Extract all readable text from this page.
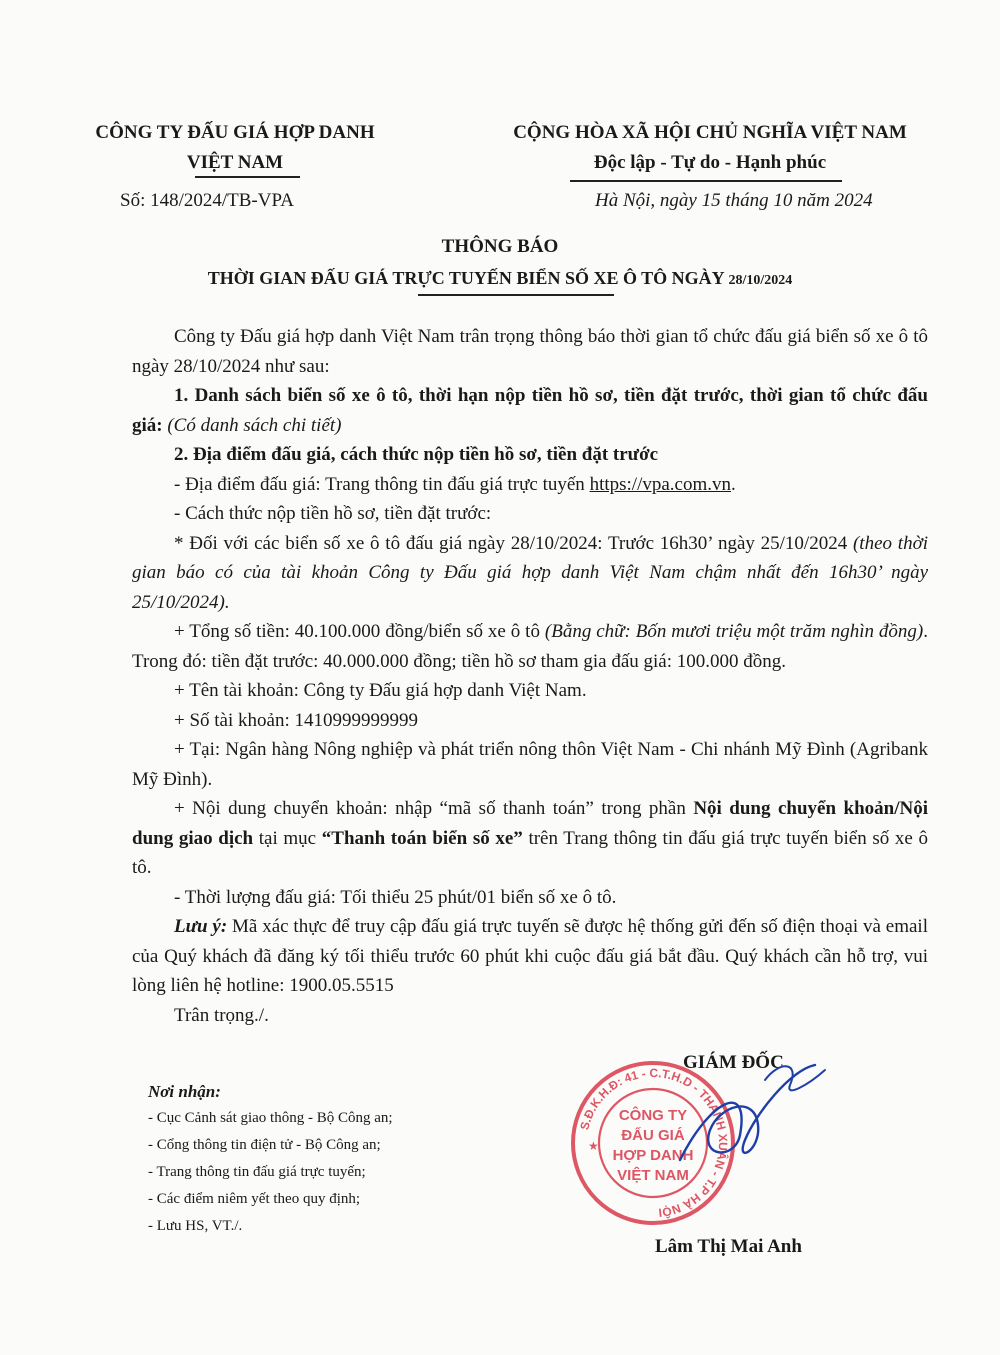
CÔNG TY ĐẤU GIÁ HỢP DANH
VIỆT NAM
Số: 148/2024/TB-VPA
CỘNG HÒA XÃ HỘI CHỦ NGHĨA VIỆT NAM
Độc lập - Tự do - Hạnh phúc
Hà Nội, ngày 15 tháng 10 năm 2024
THÔNG BÁO
THỜI GIAN ĐẤU GIÁ TRỰC TUYẾN BIỂN SỐ XE Ô TÔ NGÀY 28/10/2024

Công ty Đấu giá hợp danh Việt Nam trân trọng thông báo thời gian tổ chức đấu giá biển số xe ô tô ngày 28/10/2024 như sau:

1. Danh sách biển số xe ô tô, thời hạn nộp tiền hồ sơ, tiền đặt trước, thời gian tổ chức đấu giá: (Có danh sách chi tiết)

2. Địa điểm đấu giá, cách thức nộp tiền hồ sơ, tiền đặt trước

- Địa điểm đấu giá: Trang thông tin đấu giá trực tuyến https://vpa.com.vn.

- Cách thức nộp tiền hồ sơ, tiền đặt trước:

* Đối với các biển số xe ô tô đấu giá ngày 28/10/2024: Trước 16h30’ ngày 25/10/2024 (theo thời gian báo có của tài khoản Công ty Đấu giá hợp danh Việt Nam chậm nhất đến 16h30’ ngày 25/10/2024).

+ Tổng số tiền: 40.100.000 đồng/biển số xe ô tô (Bằng chữ: Bốn mươi triệu một trăm nghìn đồng). Trong đó: tiền đặt trước: 40.000.000 đồng; tiền hồ sơ tham gia đấu giá: 100.000 đồng.

+ Tên tài khoản: Công ty Đấu giá hợp danh Việt Nam.

+ Số tài khoản: 1410999999999

+ Tại: Ngân hàng Nông nghiệp và phát triển nông thôn Việt Nam - Chi nhánh Mỹ Đình (Agribank Mỹ Đình).

+ Nội dung chuyển khoản: nhập “mã số thanh toán” trong phần Nội dung chuyển khoản/Nội dung giao dịch tại mục “Thanh toán biển số xe” trên Trang thông tin đấu giá trực tuyến biển số xe ô tô.

- Thời lượng đấu giá: Tối thiểu 25 phút/01 biển số xe ô tô.

Lưu ý: Mã xác thực để truy cập đấu giá trực tuyến sẽ được hệ thống gửi đến số điện thoại và email của Quý khách đã đăng ký tối thiểu trước 60 phút khi cuộc đấu giá bắt đầu. Quý khách cần hỗ trợ, vui lòng liên hệ hotline: 1900.05.5515

Trân trọng./.

Nơi nhận:
- Cục Cảnh sát giao thông - Bộ Công an;
- Cổng thông tin điện tử - Bộ Công an;
- Trang thông tin đấu giá trực tuyến;
- Các điểm niêm yết theo quy định;
- Lưu HS, VT./.
GIÁM ĐỐC
Lâm Thị Mai Anh
S.Đ.K.H.Đ: 41 - C.T.H.D - THANH XUÂN - T.P HÀ NỘI
CÔNG TY
ĐẤU GIÁ
HỢP DANH
VIỆT NAM
★
